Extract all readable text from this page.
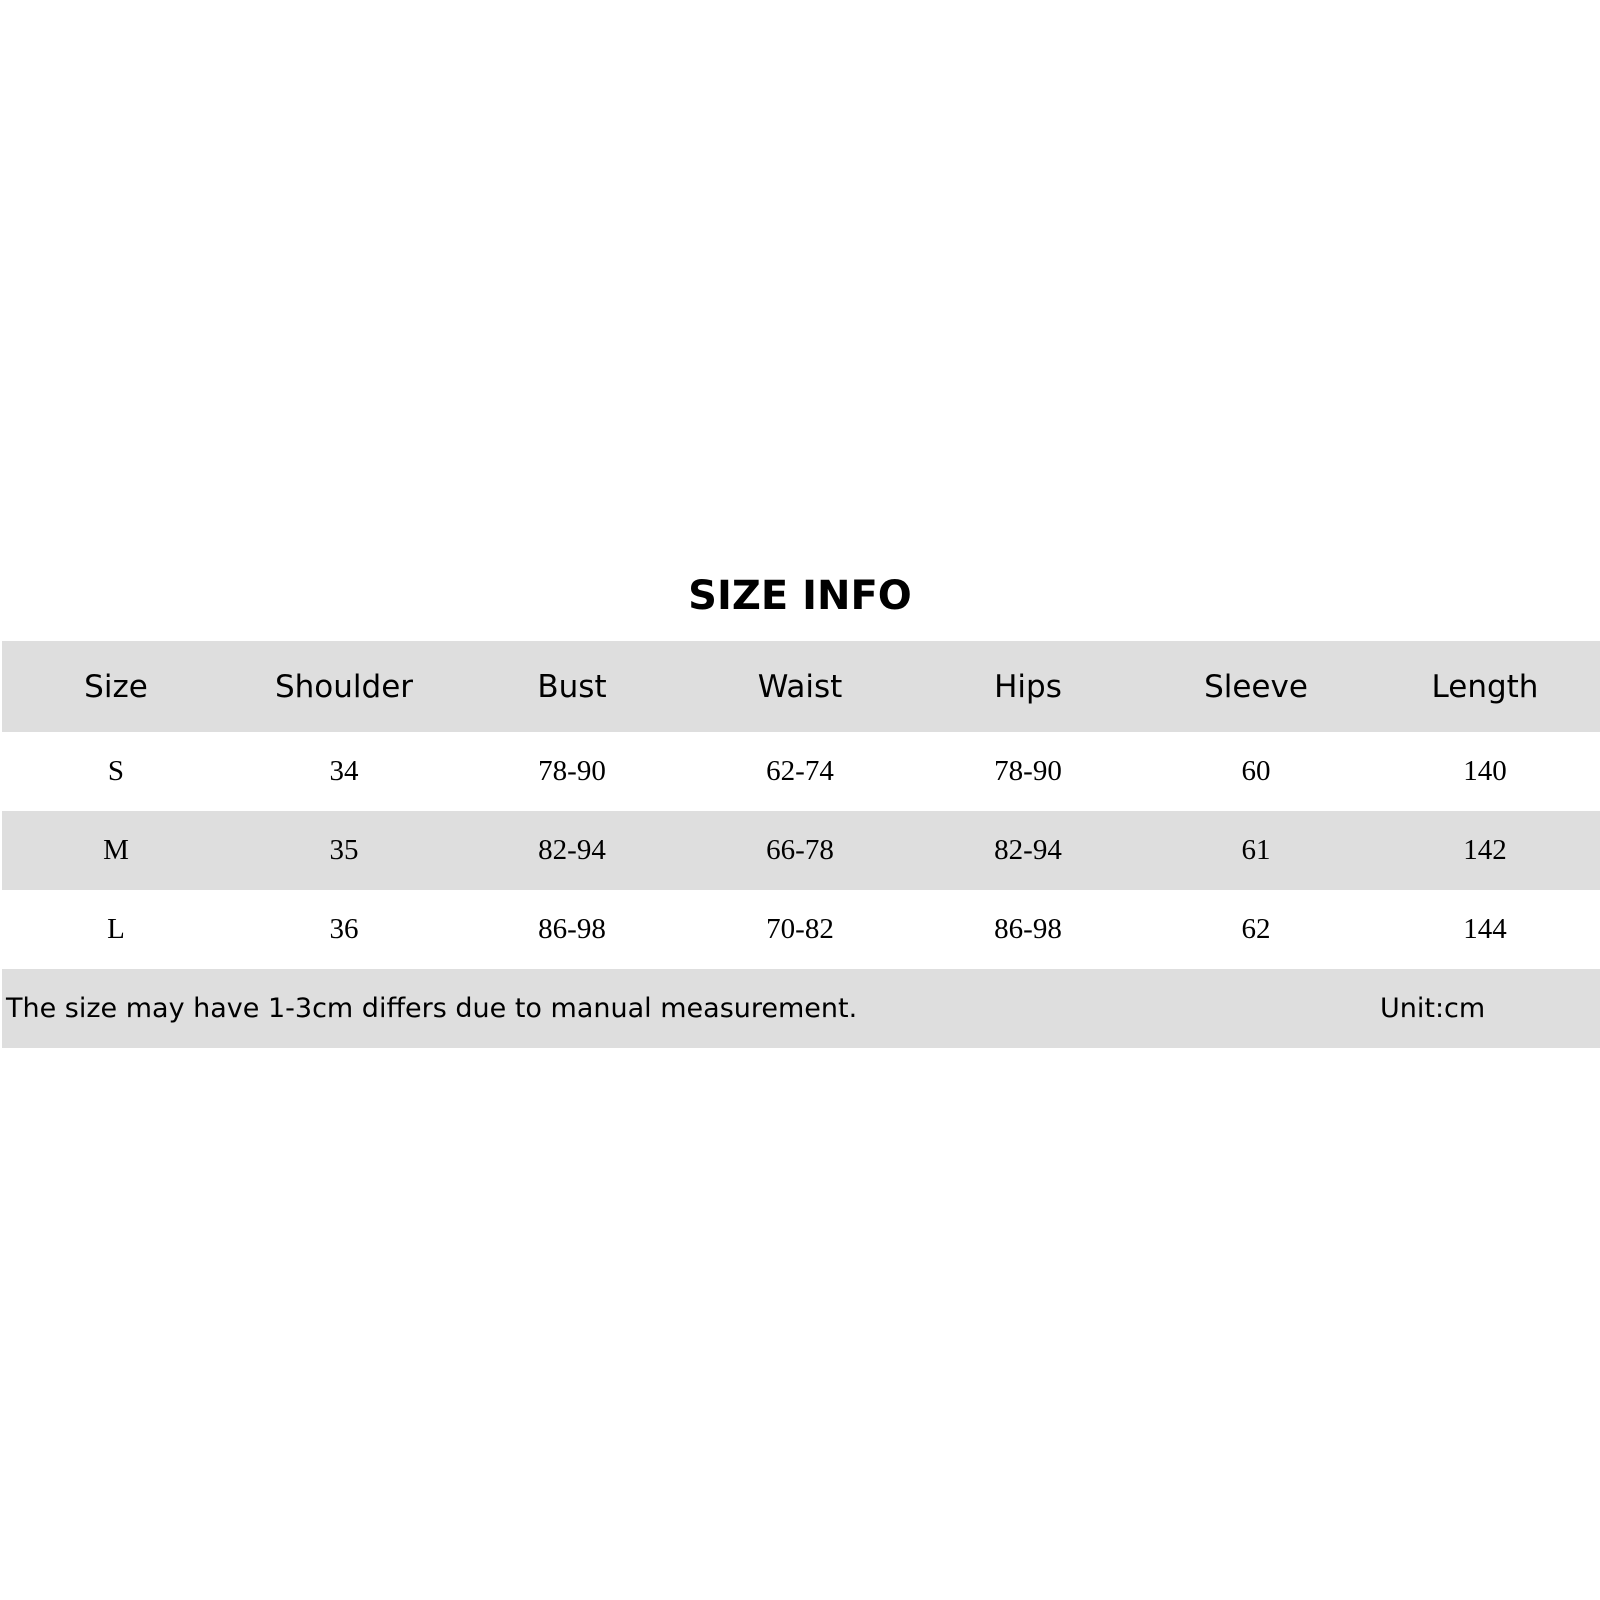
SIZE INFO
Size	Shoulder	Bust	Waist	Hips	Sleeve	Length
S	34	78-90	62-74	78-90	60	140
M	35	82-94	66-78	82-94	61	142
L	36	86-98	70-82	86-98	62	144
The size may have 1-3cm differs due to manual measurement.	Unit:cm
